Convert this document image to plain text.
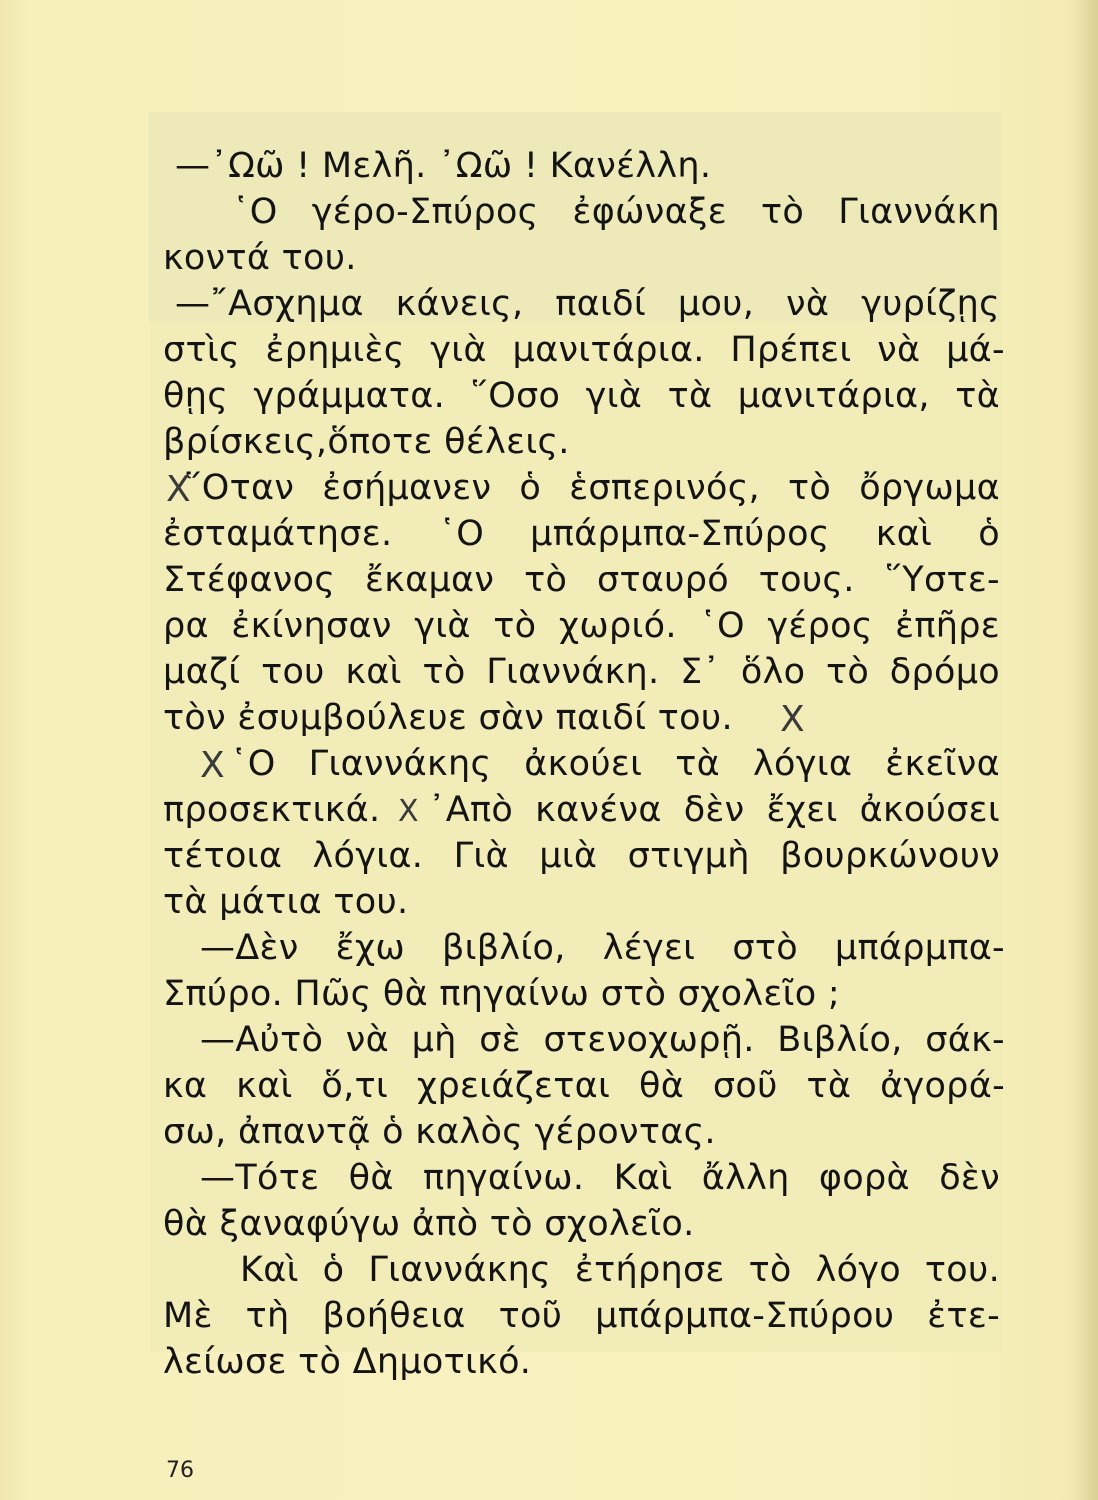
—᾿Ωῶ ! Μελῆ. ᾿Ωῶ ! Κανέλλη.
῾Ο γέρο-Σπύρος ἐφώναξε τὸ Γιαννάκη
κοντά του.
—῎Ασχημα κάνεις, παιδί μου, νὰ γυρίζῃς
στὶς ἐρημιὲς γιὰ μανιτάρια. Πρέπει νὰ μά-
θῃς γράμματα. ῞Οσο γιὰ τὰ μανιτάρια, τὰ
βρίσκεις,ὅποτε θέλεις.
῞Οταν ἐσήμανεν ὁ ἑσπερινός, τὸ ὄργωμα
ἐσταμάτησε. ῾Ο μπάρμπα-Σπύρος καὶ ὁ
Στέφανος ἔκαμαν τὸ σταυρό τους. ῞Υστε-
ρα ἐκίνησαν γιὰ τὸ χωριό. ῾Ο γέρος ἐπῆρε
μαζί του καὶ τὸ Γιαννάκη. Σ᾿ ὅλο τὸ δρόμο
τὸν ἐσυμβούλευε σὰν παιδί του.
῾Ο Γιαννάκης ἀκούει τὰ λόγια ἐκεῖνα
προσεκτικά. ᾿Απὸ κανένα δὲν ἔχει ἀκούσει
τέτοια λόγια. Γιὰ μιὰ στιγμὴ βουρκώνουν
τὰ μάτια του.
—Δὲν ἔχω βιβλίο, λέγει στὸ μπάρμπα-
Σπύρο. Πῶς θὰ πηγαίνω στὸ σχολεῖο ;
—Αὐτὸ νὰ μὴ σὲ στενοχωρῇ. Βιβλίο, σάκ-
κα καὶ ὅ,τι χρειάζεται θὰ σοῦ τὰ ἀγορά-
σω, ἀπαντᾷ ὁ καλὸς γέροντας.
—Τότε θὰ πηγαίνω. Καὶ ἄλλη φορὰ δὲν
θὰ ξαναφύγω ἀπὸ τὸ σχολεῖο.
Καὶ ὁ Γιαννάκης ἐτήρησε τὸ λόγο του.
Μὲ τὴ βοήθεια τοῦ μπάρμπα-Σπύρου ἐτε-
λείωσε τὸ Δημοτικό.
Χ
Χ
Χ
Χ
76
